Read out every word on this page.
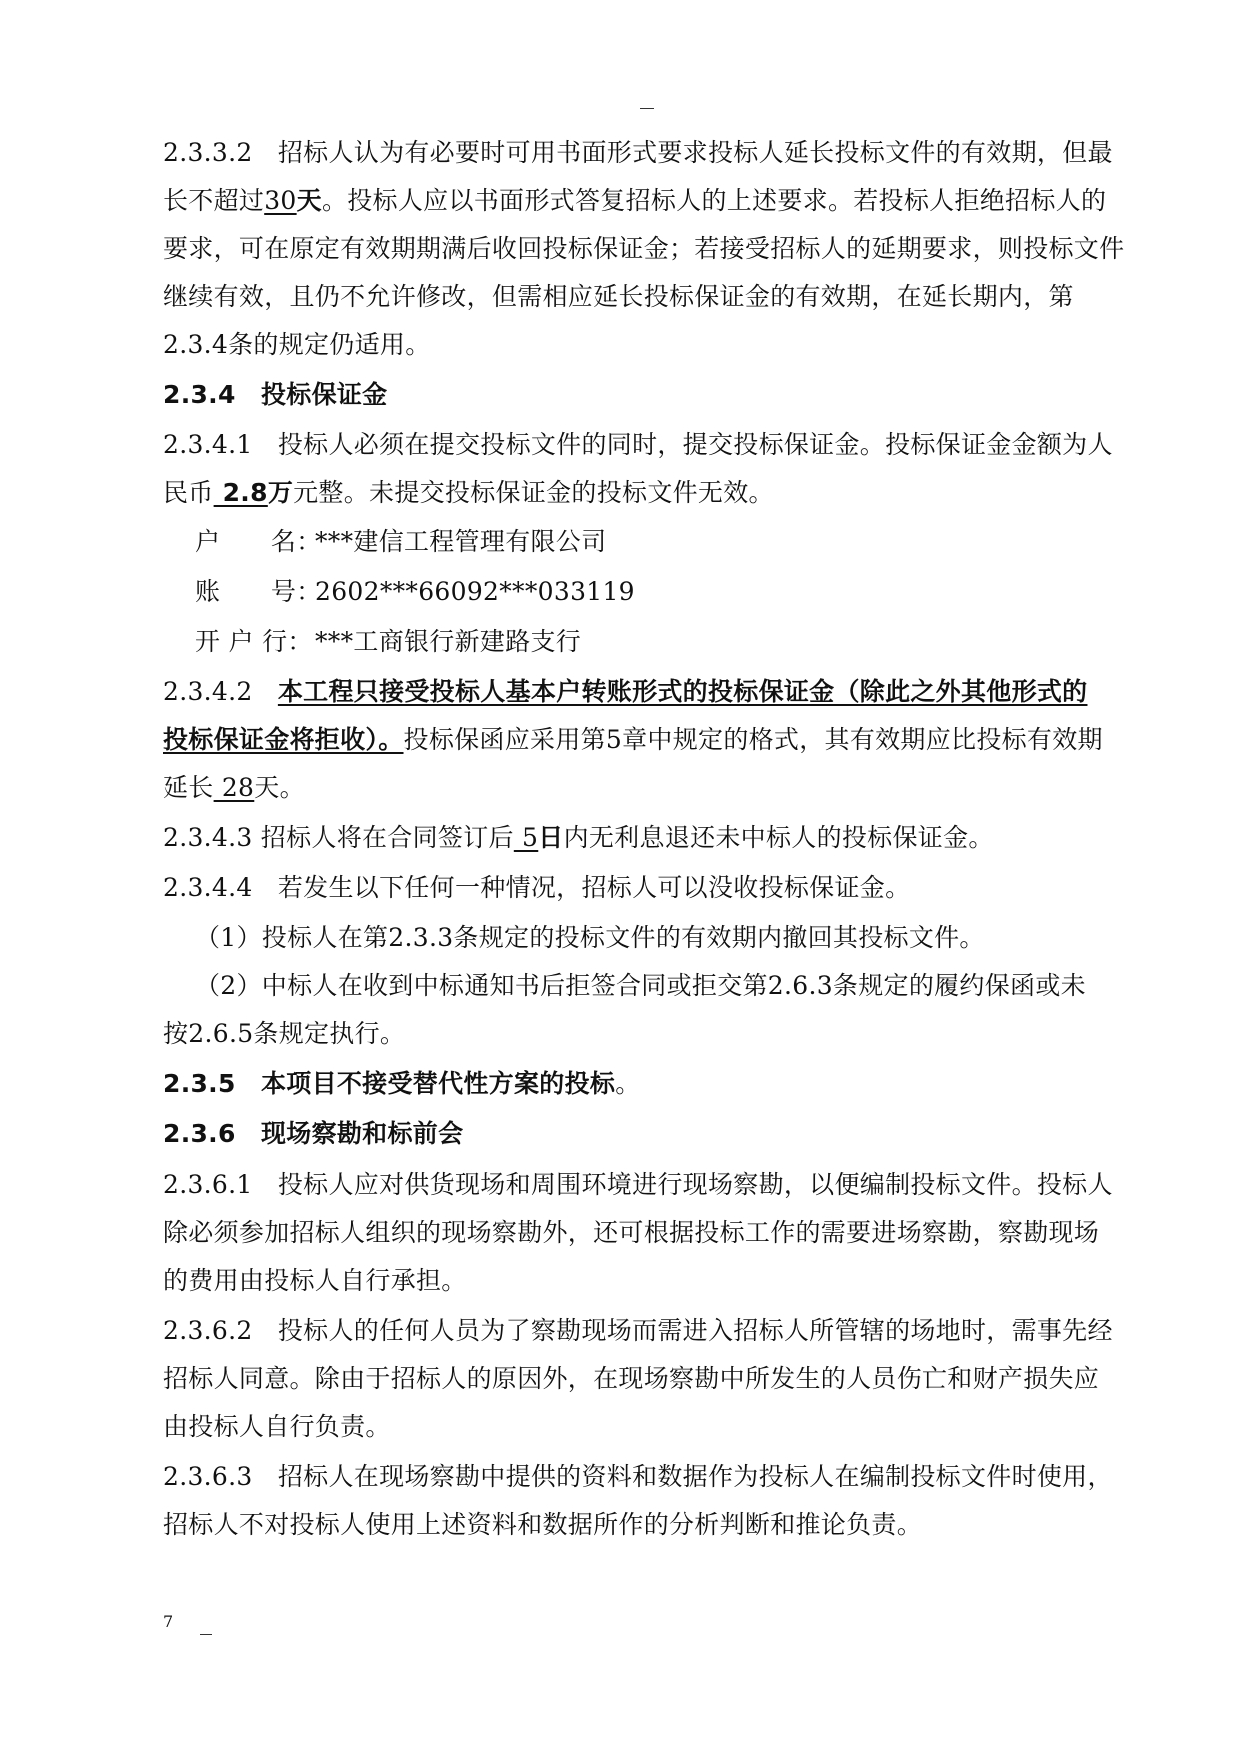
2.3.3.2　招标人认为有必要时可用书面形式要求投标人延长投标文件的有效期，但最
长不超过30天。投标人应以书面形式答复招标人的上述要求。若投标人拒绝招标人的
要求，可在原定有效期期满后收回投标保证金；若接受招标人的延期要求，则投标文件
继续有效，且仍不允许修改，但需相应延长投标保证金的有效期，在延长期内，第
2.3.4条的规定仍适用。
2.3.4　投标保证金
2.3.4.1　投标人必须在提交投标文件的同时，提交投标保证金。投标保证金金额为人
民币 2.8万元整。未提交投标保证金的投标文件无效。
户　　名：***建信工程管理有限公司
账　　号：2602***66092***033119
开 户 行：***工商银行新建路支行
2.3.4.2　本工程只接受投标人基本户转账形式的投标保证金（除此之外其他形式的
投标保证金将拒收）。投标保函应采用第5章中规定的格式，其有效期应比投标有效期
延长 28天。
2.3.4.3 招标人将在合同签订后 5日内无利息退还未中标人的投标保证金。
2.3.4.4　若发生以下任何一种情况，招标人可以没收投标保证金。
（1）投标人在第2.3.3条规定的投标文件的有效期内撤回其投标文件。
（2）中标人在收到中标通知书后拒签合同或拒交第2.6.3条规定的履约保函或未
按2.6.5条规定执行。
2.3.5　本项目不接受替代性方案的投标。
2.3.6　现场察勘和标前会
2.3.6.1　投标人应对供货现场和周围环境进行现场察勘，以便编制投标文件。投标人
除必须参加招标人组织的现场察勘外，还可根据投标工作的需要进场察勘，察勘现场
的费用由投标人自行承担。
2.3.6.2　投标人的任何人员为了察勘现场而需进入招标人所管辖的场地时，需事先经
招标人同意。除由于招标人的原因外，在现场察勘中所发生的人员伤亡和财产损失应
由投标人自行负责。
2.3.6.3　招标人在现场察勘中提供的资料和数据作为投标人在编制投标文件时使用，
招标人不对投标人使用上述资料和数据所作的分析判断和推论负责。
7
